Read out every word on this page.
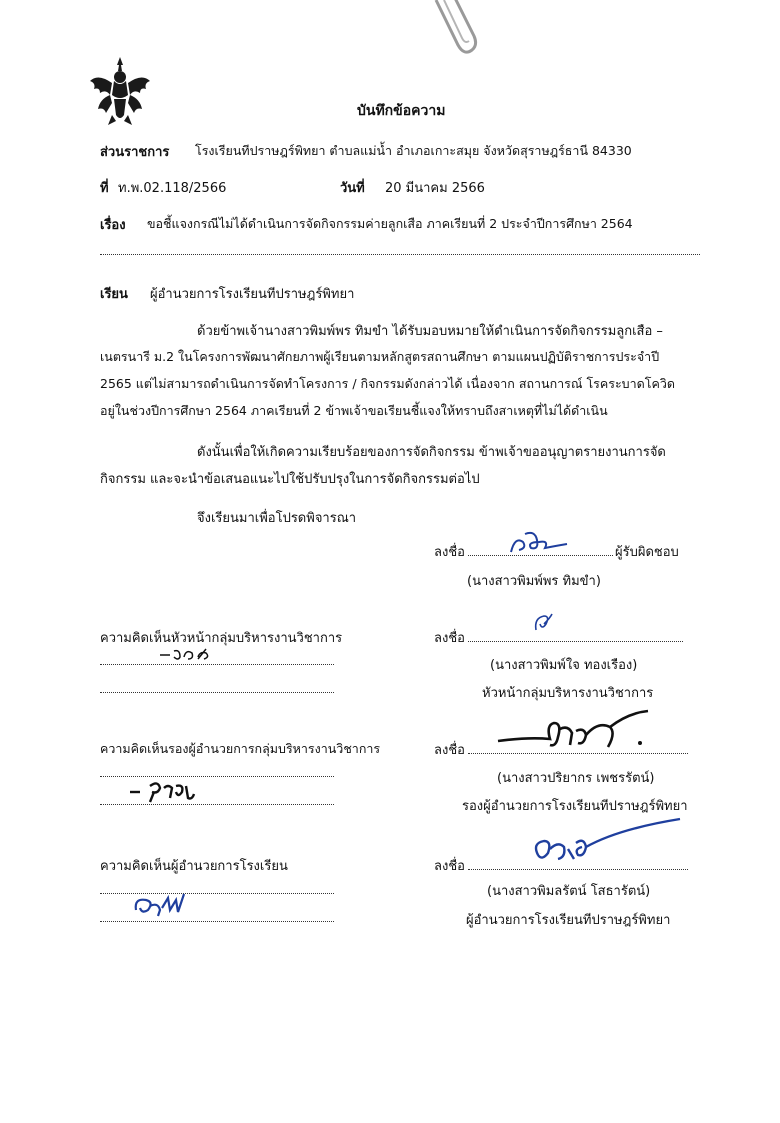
บันทึกข้อความ
ส่วนราชการ โรงเรียนทีปราษฎร์พิทยา ตำบลแม่น้ำ อำเภอเกาะสมุย จังหวัดสุราษฎร์ธานี 84330
ที่ ท.พ.02.118/2566	วันที่ 20 มีนาคม 2566
เรื่อง ขอชี้แจงกรณีไม่ได้ดำเนินการจัดกิจกรรมค่ายลูกเสือ ภาคเรียนที่ 2 ประจำปีการศึกษา 2564
เรียน ผู้อำนวยการโรงเรียนทีปราษฎร์พิทยา
ด้วยข้าพเจ้านางสาวพิมพ์พร ทิมขำ ได้รับมอบหมายให้ดำเนินการจัดกิจกรรมลูกเสือ –
เนตรนารี ม.2 ในโครงการพัฒนาศักยภาพผู้เรียนตามหลักสูตรสถานศึกษา ตามแผนปฏิบัติราชการประจำปี
2565 แต่ไม่สามารถดำเนินการจัดทำโครงการ / กิจกรรมดังกล่าวได้ เนื่องจาก สถานการณ์ โรคระบาดโควิด
อยู่ในช่วงปีการศึกษา 2564 ภาคเรียนที่ 2 ข้าพเจ้าขอเรียนชี้แจงให้ทราบถึงสาเหตุที่ไม่ได้ดำเนิน
ดังนั้นเพื่อให้เกิดความเรียบร้อยของการจัดกิจกรรม ข้าพเจ้าขออนุญาตรายงานการจัด
กิจกรรม และจะนำข้อเสนอแนะไปใช้ปรับปรุงในการจัดกิจกรรมต่อไป
จึงเรียนมาเพื่อโปรดพิจารณา
ลงชื่อ	ผู้รับผิดชอบ
(นางสาวพิมพ์พร ทิมขำ)
ความคิดเห็นหัวหน้ากลุ่มบริหารงานวิชาการ	ลงชื่อ
(นางสาวพิมพ์ใจ ทองเรือง)
หัวหน้ากลุ่มบริหารงานวิชาการ
ความคิดเห็นรองผู้อำนวยการกลุ่มบริหารงานวิชาการ	ลงชื่อ
(นางสาวปริยากร เพชรรัตน์)
รองผู้อำนวยการโรงเรียนทีปราษฎร์พิทยา
ความคิดเห็นผู้อำนวยการโรงเรียน	ลงชื่อ
(นางสาวพิมลรัตน์ โสธารัตน์)
ผู้อำนวยการโรงเรียนทีปราษฎร์พิทยา
